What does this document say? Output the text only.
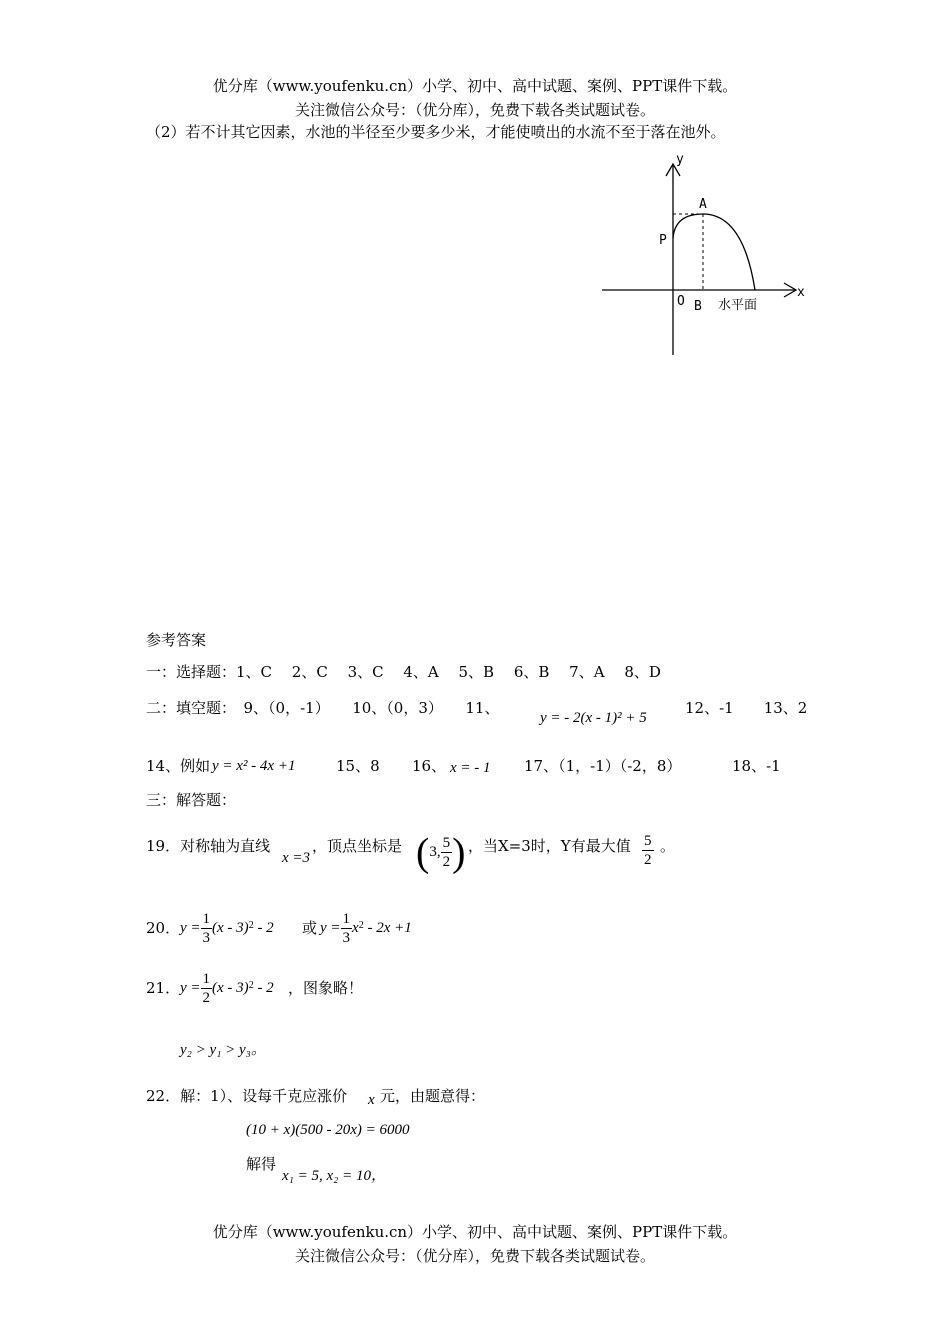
优分库（www.youfenku.cn）小学、初中、高中试题、案例、PPT课件下载。
关注微信公众号：（优分库），免费下载各类试题试卷。
（2）若不计其它因素，水池的半径至少要多少米，才能使喷出的水流不至于落在池外。
y
x
A
P
O B 水平面
参考答案
一：选择题：1、C　 2、C　 3、C　 4、A　 5、B　 6、B　 7、A　 8、D
二：填空题：　9、（0，-1）　　10、（0，3）　　11、
y = - 2(x - 1)² + 5
12、-1　　13、2
14、例如 y = x² - 4x +1	15、8 16、 x = - 1 17、（1，-1）（-2，8）	18、-1
三：解答题：
19．对称轴为直线
x =3
，顶点坐标是 (3, $\frac{5}{2}$ ) ，当X=3时，Y有最大值 $\frac{5}{2}$ 。
20． $y = \frac{1}{3} (x - 3)^2 - 2$ 或 $y = \frac{1}{3} x^2 - 2x +1$
21． $y = \frac{1}{2} (x - 3)^2 - 2$ ，图象略！
y₂ > y₁ > y₃。
22．解：1）、设每千克应涨价 x 元，由题意得：
(10 + x)(500 - 20x) = 6000
解得
x₁ = 5, x₂ = 10，
优分库（www.youfenku.cn）小学、初中、高中试题、案例、PPT课件下载。
关注微信公众号：（优分库），免费下载各类试题试卷。
